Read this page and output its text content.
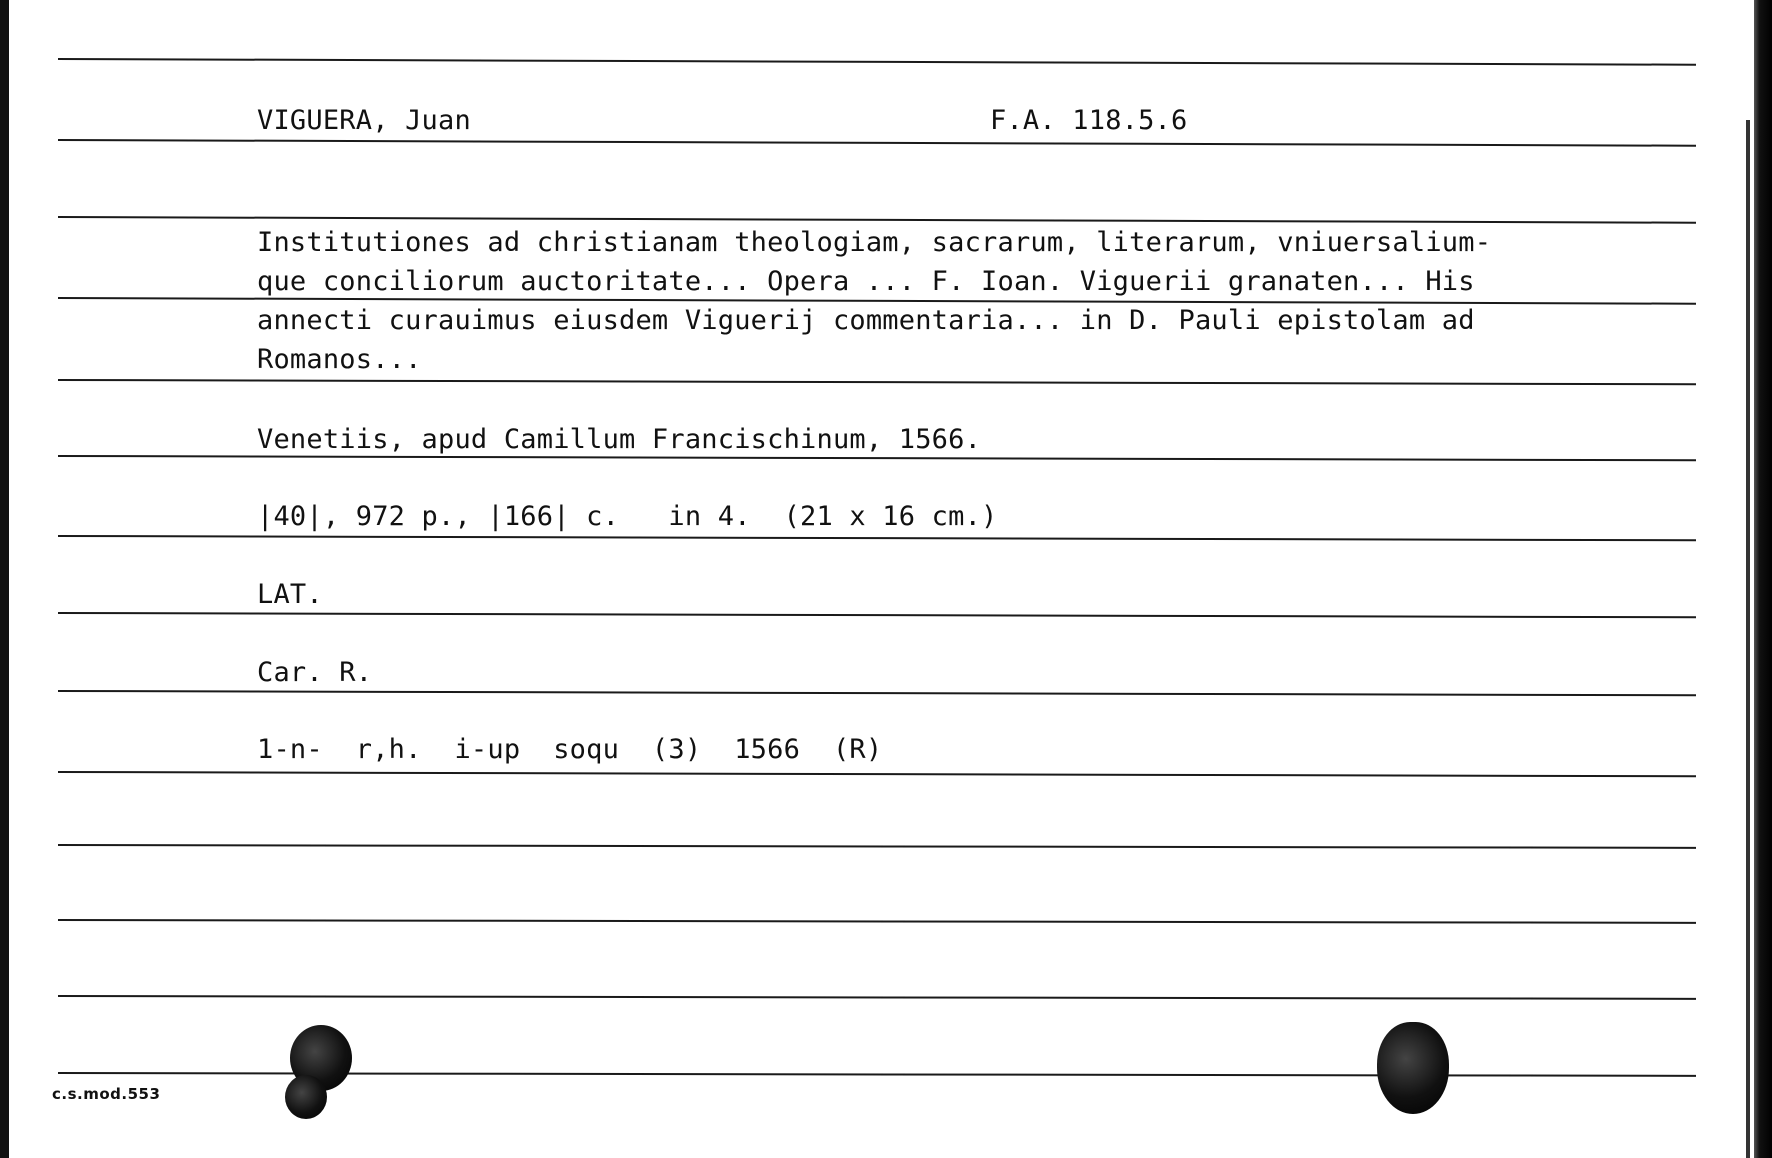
VIGUERA, Juan	F.A. 118.5.6
Institutiones ad christianam theologiam, sacrarum, literarum, vniuersalium-
que conciliorum auctoritate... Opera ... F. Ioan. Viguerii granaten... His
annecti curauimus eiusdem Viguerij commentaria... in D. Pauli epistolam ad
Romanos...
Venetiis, apud Camillum Francischinum, 1566.
|40|, 972 p., |166| c.   in 4.  (21 x 16 cm.)
LAT.
Car. R.
1-n-  r,h.  i-up  soqu  (3)  1566  (R)
c.s.mod.553
